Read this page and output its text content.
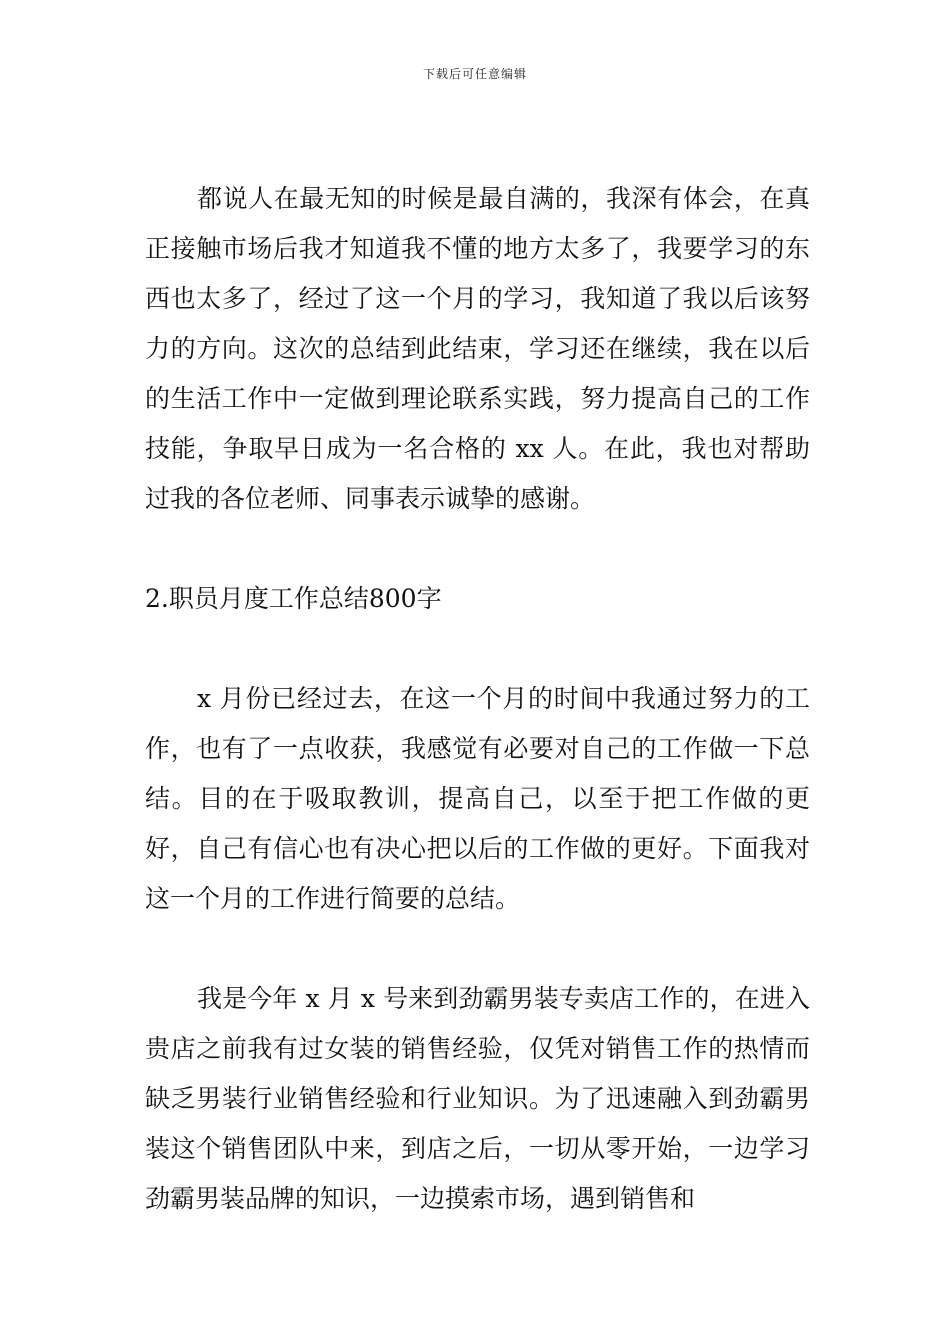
下载后可任意编辑

都说人在最无知的时候是最自满的，我深有体会，在真正接触市场后我才知道我不懂的地方太多了，我要学习的东西也太多了，经过了这一个月的学习，我知道了我以后该努力的方向。这次的总结到此结束，学习还在继续，我在以后的生活工作中一定做到理论联系实践，努力提高自己的工作技能，争取早日成为一名合格的 xx 人。在此，我也对帮助过我的各位老师、同事表示诚挚的感谢。

2.职员月度工作总结800字

x 月份已经过去，在这一个月的时间中我通过努力的工作，也有了一点收获，我感觉有必要对自己的工作做一下总结。目的在于吸取教训，提高自己，以至于把工作做的更好，自己有信心也有决心把以后的工作做的更好。下面我对这一个月的工作进行简要的总结。

我是今年 x 月 x 号来到劲霸男装专卖店工作的，在进入贵店之前我有过女装的销售经验，仅凭对销售工作的热情而缺乏男装行业销售经验和行业知识。为了迅速融入到劲霸男装这个销售团队中来，到店之后，一切从零开始，一边学习劲霸男装品牌的知识，一边摸索市场，遇到销售和
